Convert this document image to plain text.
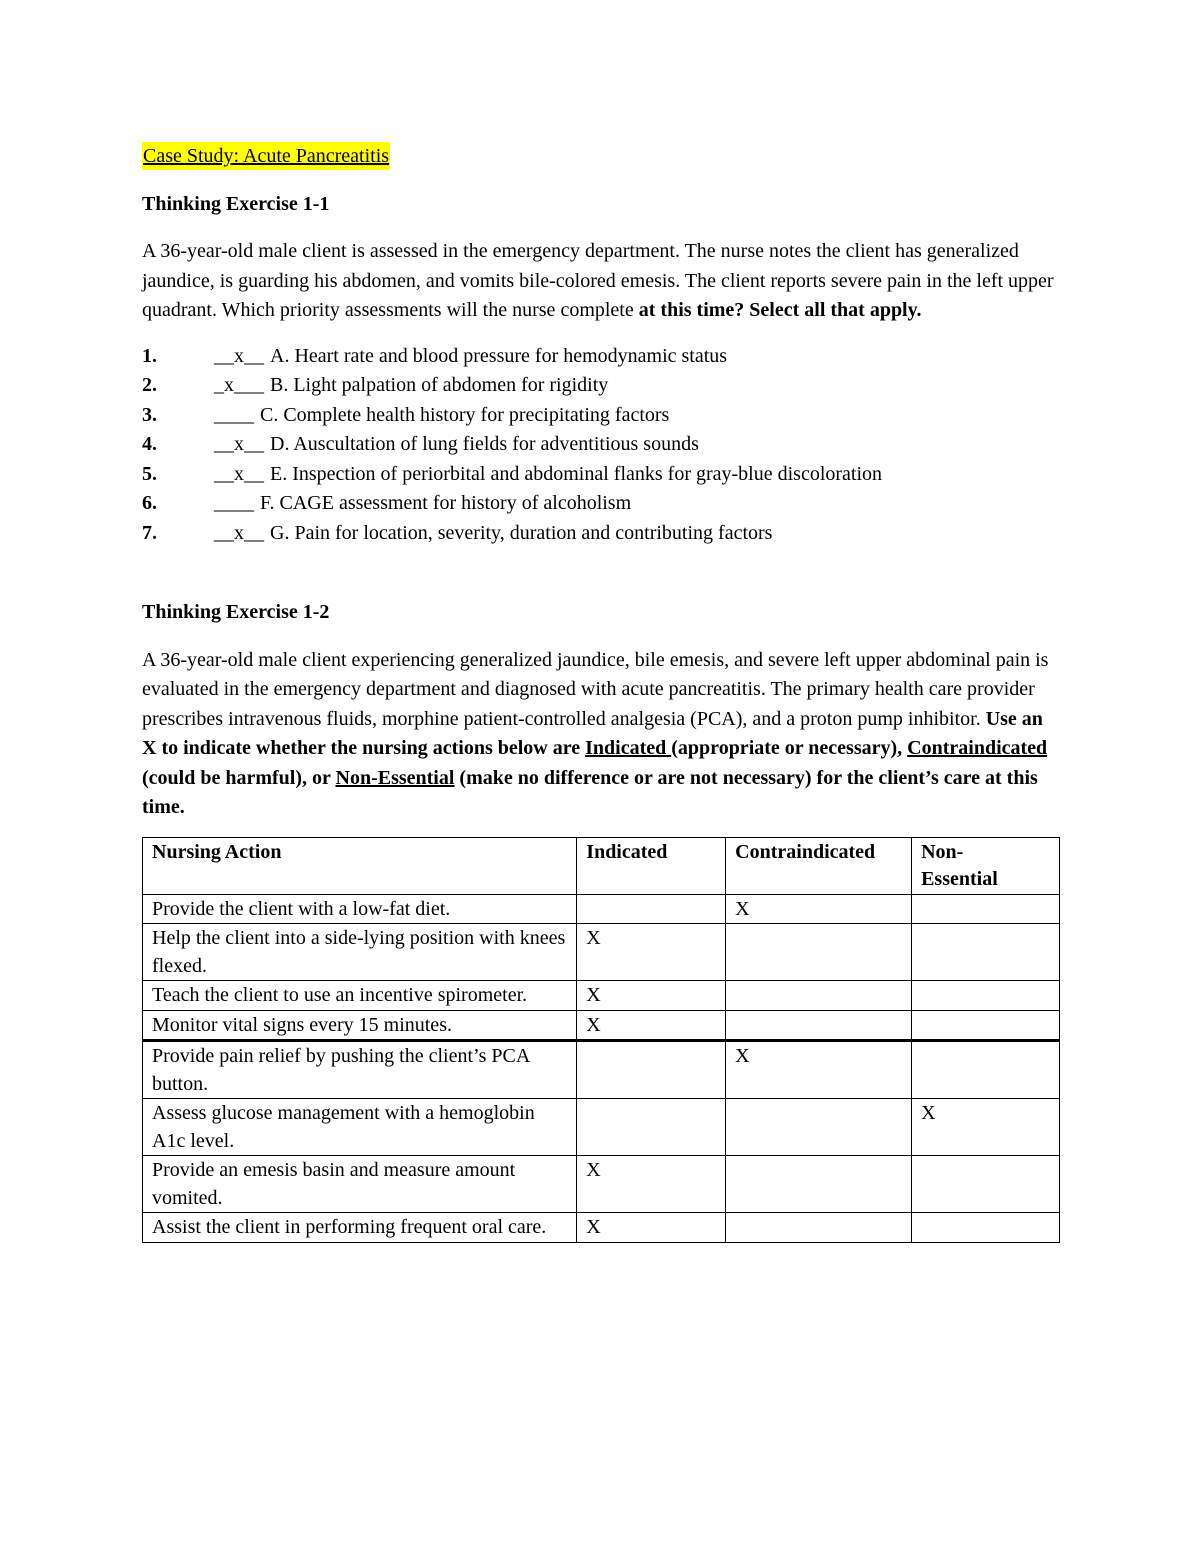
Case Study: Acute Pancreatitis
Thinking Exercise 1-1

A 36-year-old male client is assessed in the emergency department. The nurse notes the client has generalized jaundice, is guarding his abdomen, and vomits bile-colored emesis. The client reports severe pain in the left upper quadrant. Which priority assessments will the nurse complete at this time? Select all that apply.

1.	__x__ A. Heart rate and blood pressure for hemodynamic status
2.	_x___ B. Light palpation of abdomen for rigidity
3.	____ C. Complete health history for precipitating factors
4.	__x__ D. Auscultation of lung fields for adventitious sounds
5.	__x__ E. Inspection of periorbital and abdominal flanks for gray-blue discoloration
6.	____ F. CAGE assessment for history of alcoholism
7.	__x__ G. Pain for location, severity, duration and contributing factors
Thinking Exercise 1-2

A 36-year-old male client experiencing generalized jaundice, bile emesis, and severe left upper abdominal pain is evaluated in the emergency department and diagnosed with acute pancreatitis. The primary health care provider prescribes intravenous fluids, morphine patient-controlled analgesia (PCA), and a proton pump inhibitor. Use an X to indicate whether the nursing actions below are Indicated (appropriate or necessary), Contraindicated (could be harmful), or Non-Essential (make no difference or are not necessary) for the client’s care at this time.

Nursing Action	Indicated	Contraindicated	Non-
Essential
Provide the client with a low-fat diet.		X	
Help the client into a side-lying position with knees flexed.	X		
Teach the client to use an incentive spirometer.	X		
Monitor vital signs every 15 minutes.	X		
Provide pain relief by pushing the client’s PCA button.		X	
Assess glucose management with a hemoglobin A1c level.			X
Provide an emesis basin and measure amount vomited.	X		
Assist the client in performing frequent oral care.	X		
